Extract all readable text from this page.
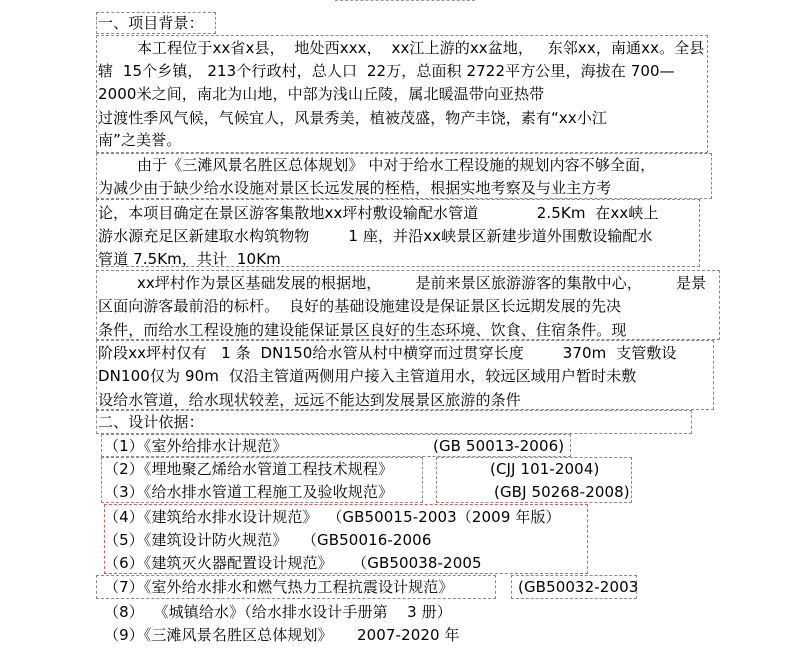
一、项目背景：
本工程位于xx省x县，  地处西xxx，  xx江上游的xx盆地，   东邻xx，南通xx。全县
辖  15个乡镇， 213个行政村，总人口  22万，总面积 2722平方公里，海拔在 700—
2000米之间，南北为山地，中部为浅山丘陵，属北暖温带向亚热带
过渡性季风气候，气候宜人，风景秀美，植被茂盛，物产丰饶，素有“xx小江
南”之美誉。
由于《三滩风景名胜区总体规划》 中对于给水工程设施的规划内容不够全面，
为减少由于缺少给水设施对景区长远发展的桎梏，根据实地考察及与业主方考
论，本项目确定在景区游客集散地xx坪村敷设输配水管道            2.5Km  在xx峡上
游水源充足区新建取水构筑物物        1 座，并沿xx峡景区新建步道外围敷设输配水
管道 7.5Km，共计  10Km
xx坪村作为景区基础发展的根据地，       是前来景区旅游游客的集散中心，       是景
区面向游客最前沿的标杆。  良好的基础设施建设是保证景区长远期发展的先决
条件，而给水工程设施的建设能保证景区良好的生态环境、饮食、住宿条件。现
阶段xx坪村仅有   1 条  DN150给水管从村中横穿而过贯穿长度        370m  支管敷设
DN100仅为 90m  仅沿主管道两侧用户接入主管道用水，较远区域用户暂时未敷
设给水管道，给水现状较差，远远不能达到发展景区旅游的条件
二、设计依据：
（1）《室外给排水计规范》	(GB 50013-2006)
（2）《埋地聚乙烯给水管道工程技术规程》	(CJJ 101-2004)
（3）《给水排水管道工程施工及验收规范》	(GBJ 50268-2008)
（4）《建筑给水排水设计规范》  （GB50015-2003（2009 年版）
（5）《建筑设计防火规范》   （GB50016-2006
（6）《建筑灭火器配置设计规范》    （GB50038-2005
（7）《室外给水排水和燃气热力工程抗震设计规范》	(GB50032-2003
（8）  《城镇给水》（给水排水设计手册第    3 册）
（9）《三滩风景名胜区总体规划》     2007-2020 年
